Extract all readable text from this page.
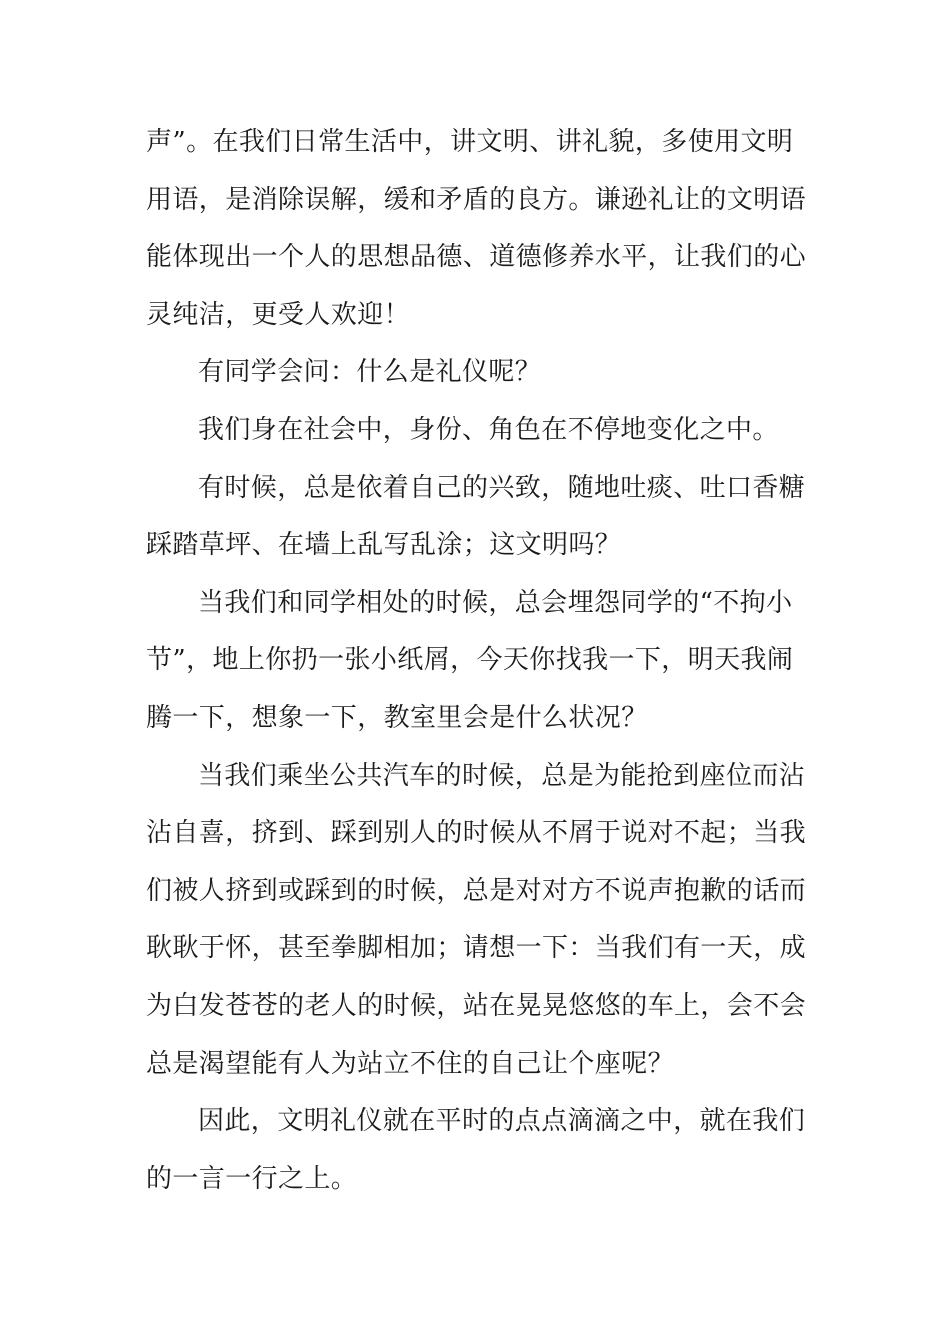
声”。在我们日常生活中，讲文明、讲礼貌，多使用文明
用语，是消除误解，缓和矛盾的良方。谦逊礼让的文明语
能体现出一个人的思想品德、道德修养水平，让我们的心
灵纯洁，更受人欢迎！
有同学会问：什么是礼仪呢？
我们身在社会中，身份、角色在不停地变化之中。
有时候，总是依着自己的兴致，随地吐痰、吐口香糖
踩踏草坪、在墙上乱写乱涂；这文明吗？
当我们和同学相处的时候，总会埋怨同学的“不拘小
节”，地上你扔一张小纸屑，今天你找我一下，明天我闹
腾一下，想象一下，教室里会是什么状况？
当我们乘坐公共汽车的时候，总是为能抢到座位而沾
沾自喜，挤到、踩到别人的时候从不屑于说对不起；当我
们被人挤到或踩到的时候，总是对对方不说声抱歉的话而
耿耿于怀，甚至拳脚相加；请想一下：当我们有一天，成
为白发苍苍的老人的时候，站在晃晃悠悠的车上，会不会
总是渴望能有人为站立不住的自己让个座呢？
因此，文明礼仪就在平时的点点滴滴之中，就在我们
的一言一行之上。
